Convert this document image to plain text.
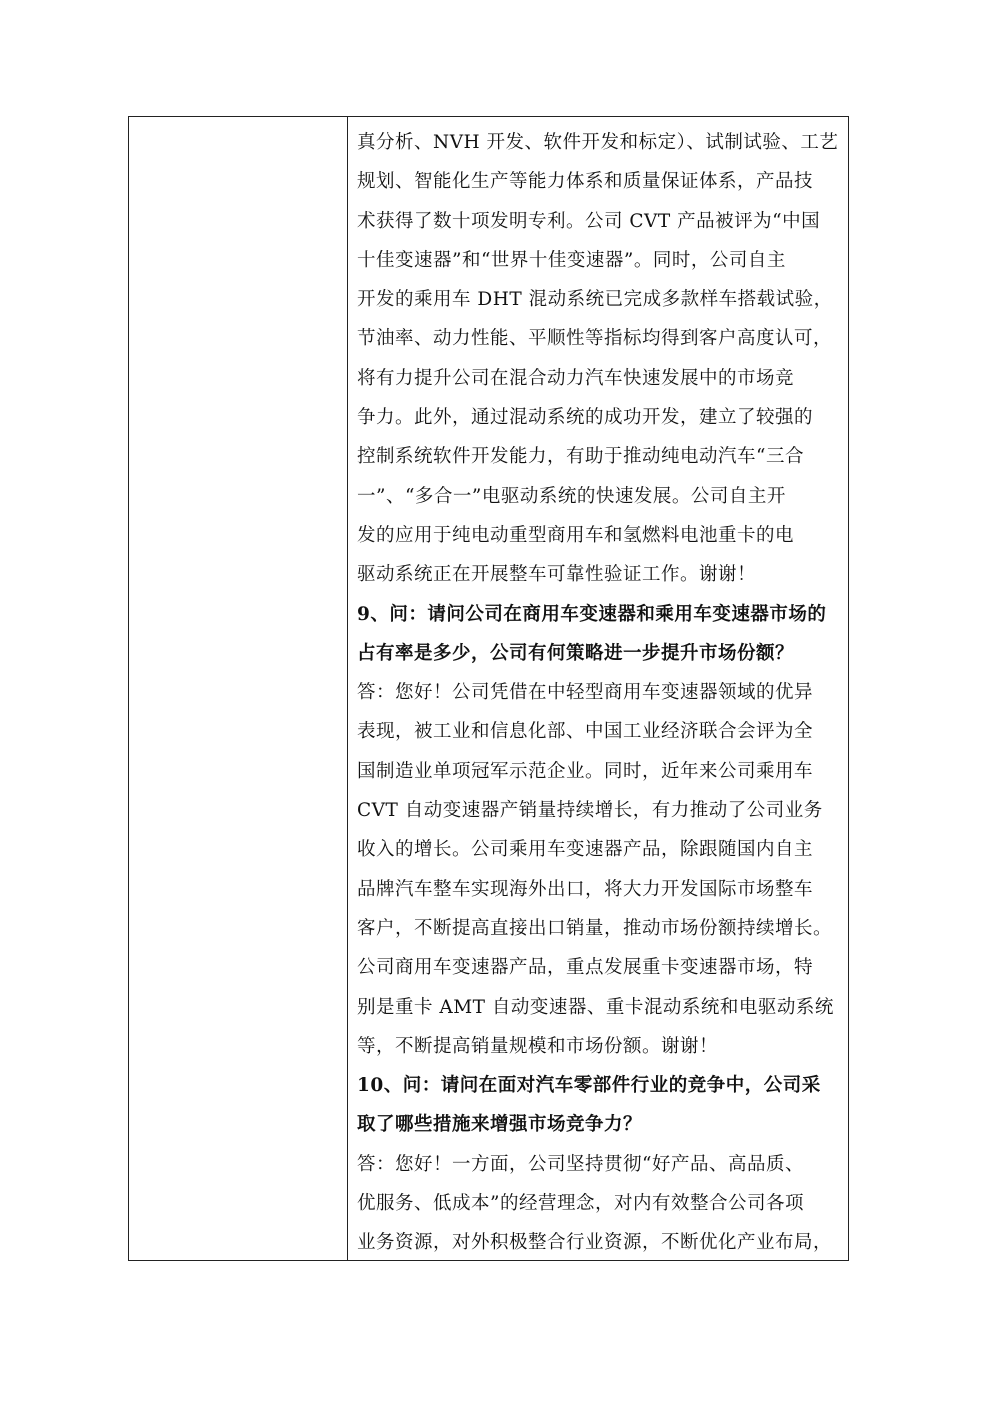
真分析、NVH 开发、软件开发和标定）、试制试验、工艺
规划、智能化生产等能力体系和质量保证体系，产品技
术获得了数十项发明专利。公司 CVT 产品被评为“中国
十佳变速器”和“世界十佳变速器”。同时，公司自主
开发的乘用车 DHT 混动系统已完成多款样车搭载试验，
节油率、动力性能、平顺性等指标均得到客户高度认可，
将有力提升公司在混合动力汽车快速发展中的市场竞
争力。此外，通过混动系统的成功开发，建立了较强的
控制系统软件开发能力，有助于推动纯电动汽车“三合
一”、“多合一”电驱动系统的快速发展。公司自主开
发的应用于纯电动重型商用车和氢燃料电池重卡的电
驱动系统正在开展整车可靠性验证工作。谢谢！
9、问：请问公司在商用车变速器和乘用车变速器市场的
占有率是多少，公司有何策略进一步提升市场份额？
答：您好！公司凭借在中轻型商用车变速器领域的优异
表现，被工业和信息化部、中国工业经济联合会评为全
国制造业单项冠军示范企业。同时，近年来公司乘用车
CVT 自动变速器产销量持续增长，有力推动了公司业务
收入的增长。公司乘用车变速器产品，除跟随国内自主
品牌汽车整车实现海外出口，将大力开发国际市场整车
客户，不断提高直接出口销量，推动市场份额持续增长。
公司商用车变速器产品，重点发展重卡变速器市场，特
别是重卡 AMT 自动变速器、重卡混动系统和电驱动系统
等，不断提高销量规模和市场份额。谢谢！
10、问：请问在面对汽车零部件行业的竞争中，公司采
取了哪些措施来增强市场竞争力？
答：您好！一方面，公司坚持贯彻“好产品、高品质、
优服务、低成本”的经营理念，对内有效整合公司各项
业务资源，对外积极整合行业资源，不断优化产业布局，
